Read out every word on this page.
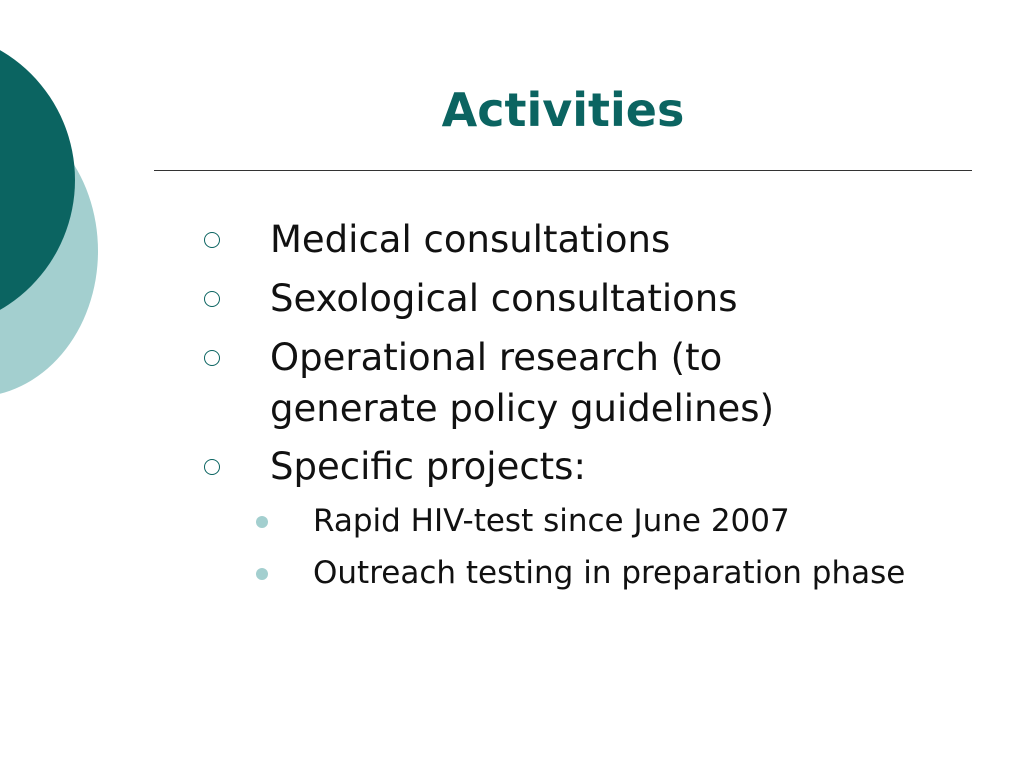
Activities
Medical consultations
Sexological consultations
Operational research (to generate policy guidelines)
Specific projects:
Rapid HIV-test since June 2007
Outreach testing in preparation phase
